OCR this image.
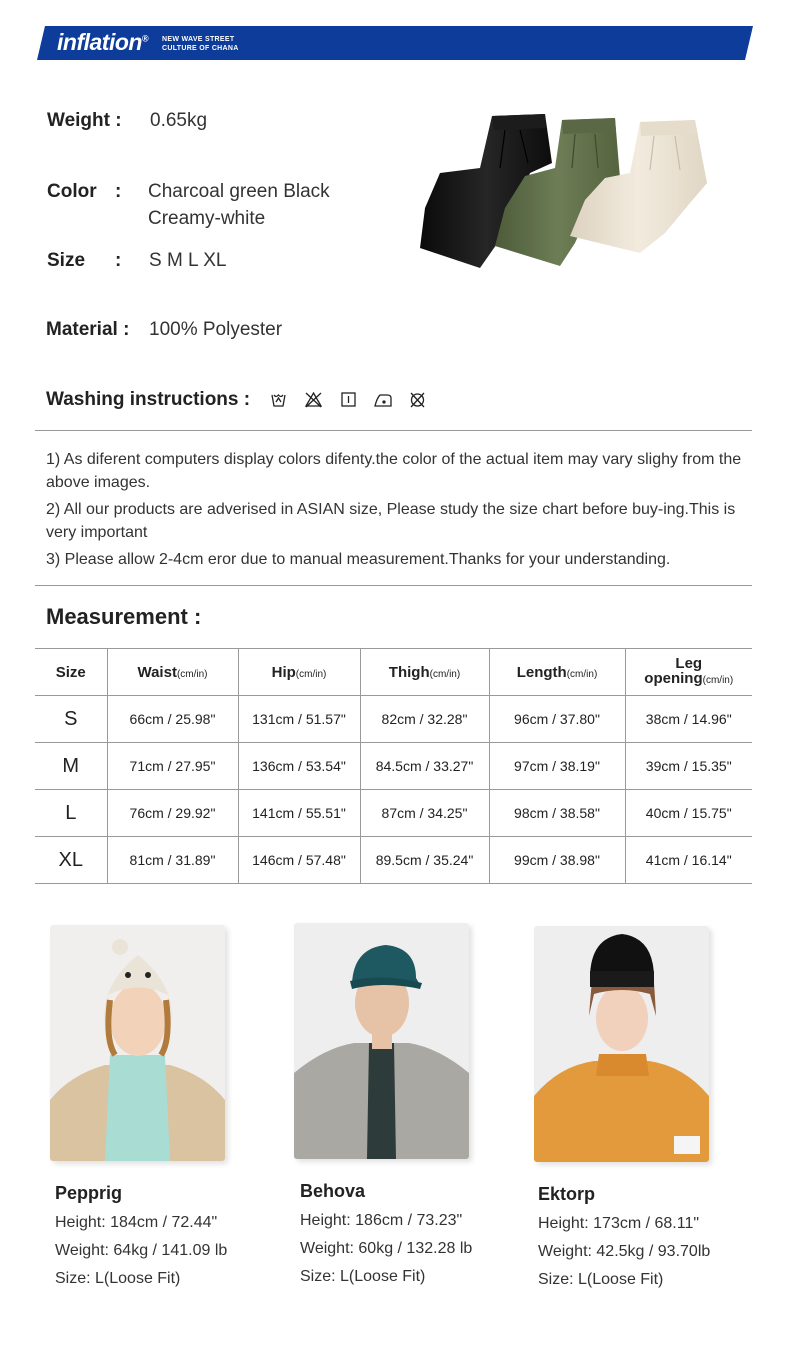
inflation® NEW WAVE STREET
CULTURE OF CHANA
Weight : 0.65kg
Color : Charcoal green Black
Creamy-white
Size : S M L XL
Material : 100% Polyester
Washing instructions :

1) As diferent computers display colors difenty.the color of the actual item may vary slighy from the above images.

2) All our products are adverised in ASIAN size, Please study the size chart before buy-ing.This is very important

3) Please allow 2-4cm eror due to manual measurement.Thanks for your understanding.

Measurement :
Size	Waist(cm/in)	Hip(cm/in)	Thigh(cm/in)	Length(cm/in)	Leg
opening(cm/in)
S	66cm / 25.98"	131cm / 51.57"	82cm / 32.28"	96cm / 37.80"	38cm / 14.96"
M	71cm / 27.95"	136cm / 53.54"	84.5cm / 33.27"	97cm / 38.19"	39cm / 15.35"
L	76cm / 29.92"	141cm / 55.51"	87cm / 34.25"	98cm / 38.58"	40cm / 15.75"
XL	81cm / 31.89"	146cm / 57.48"	89.5cm / 35.24"	99cm / 38.98"	41cm / 16.14"
Pepprig
Height: 184cm / 72.44"
Weight: 64kg / 141.09 lb
Size: L(Loose Fit)
Behova
Height: 186cm / 73.23"
Weight: 60kg / 132.28 lb
Size: L(Loose Fit)
Ektorp
Height: 173cm / 68.11"
Weight: 42.5kg / 93.70lb
Size: L(Loose Fit)
